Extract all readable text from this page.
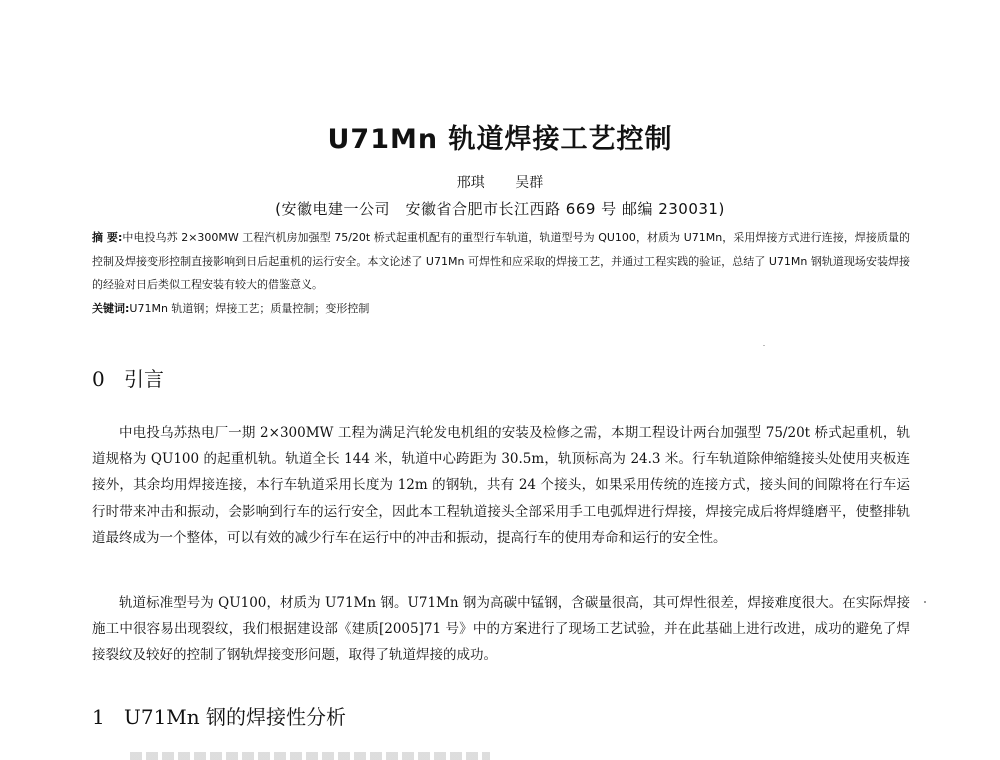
U71Mn 轨道焊接工艺控制
邢琪 吴群
(安徽电建一公司　安徽省合肥市长江西路 669 号 邮编 230031)

摘 要:中电投乌苏 2×300MW 工程汽机房加强型 75/20t 桥式起重机配有的重型行车轨道，轨道型号为 QU100，材质为 U71Mn，采用焊接方式进行连接，焊接质量的控制及焊接变形控制直接影响到日后起重机的运行安全。本文论述了 U71Mn 可焊性和应采取的焊接工艺，并通过工程实践的验证，总结了 U71Mn 钢轨道现场安装焊接的经验对日后类似工程安装有较大的借鉴意义。

关键词:U71Mn 轨道钢；焊接工艺；质量控制；变形控制

0 引言

中电投乌苏热电厂一期 2×300MW 工程为满足汽轮发电机组的安装及检修之需，本期工程设计两台加强型 75/20t 桥式起重机，轨道规格为 QU100 的起重机轨。轨道全长 144 米，轨道中心跨距为 30.5m，轨顶标高为 24.3 米。行车轨道除伸缩缝接头处使用夹板连接外，其余均用焊接连接，本行车轨道采用长度为 12m 的钢轨，共有 24 个接头，如果采用传统的连接方式，接头间的间隙将在行车运行时带来冲击和振动，会影响到行车的运行安全，因此本工程轨道接头全部采用手工电弧焊进行焊接，焊接完成后将焊缝磨平，使整排轨道最终成为一个整体，可以有效的减少行车在运行中的冲击和振动，提高行车的使用寿命和运行的安全性。

轨道标准型号为 QU100，材质为 U71Mn 钢。U71Mn 钢为高碳中锰钢，含碳量很高，其可焊性很差，焊接难度很大。在实际焊接施工中很容易出现裂纹，我们根据建设部《建质[2005]71 号》中的方案进行了现场工艺试验，并在此基础上进行改进，成功的避免了焊接裂纹及较好的控制了钢轨焊接变形问题，取得了轨道焊接的成功。

1 U71Mn 钢的焊接性分析
